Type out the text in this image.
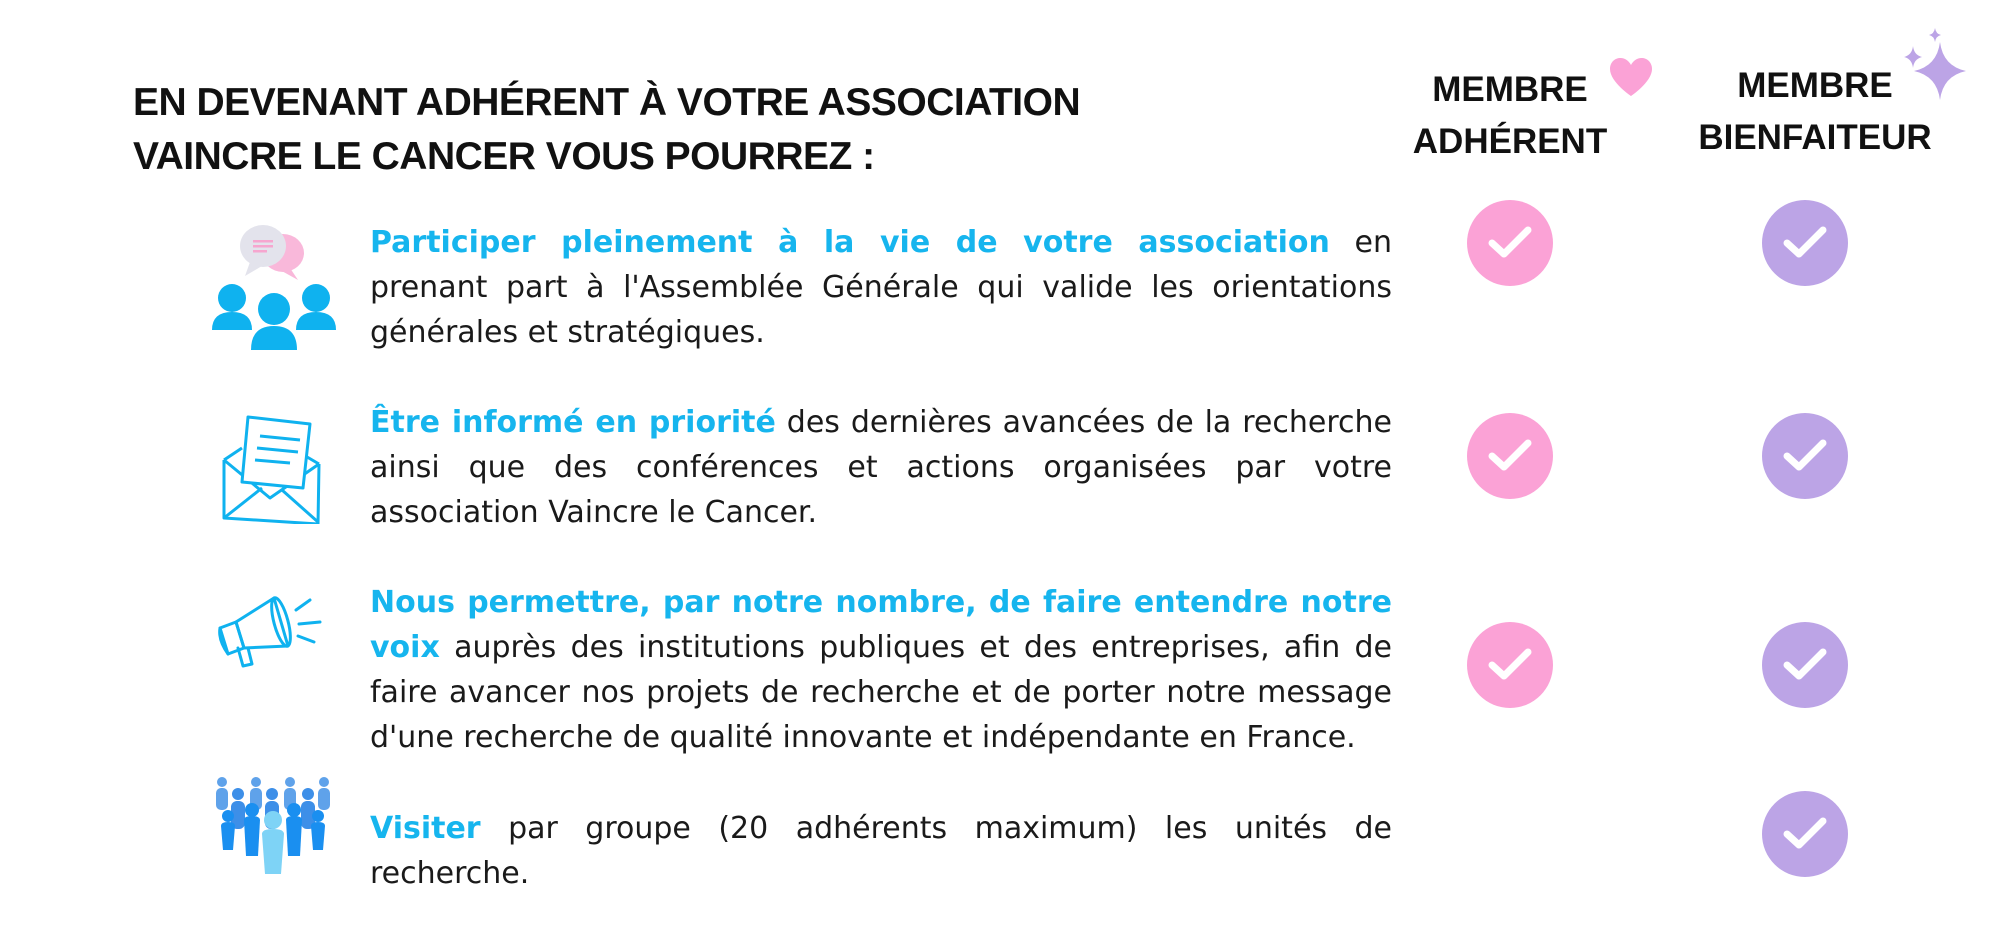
EN DEVENANT ADHÉRENT À VOTRE ASSOCIATION
VAINCRE LE CANCER VOUS POURREZ :
MEMBRE
ADHÉRENT
MEMBRE
BIENFAITEUR

Participer pleinement à la vie de votre association en prenant part à l'Assemblée Générale qui valide les orientations générales et stratégiques.

Être informé en priorité des dernières avancées de la recherche ainsi que des conférences et actions organisées par votre association Vaincre le Cancer.

Nous permettre, par notre nombre, de faire entendre notre voix auprès des institutions publiques et des entreprises, afin de faire avancer nos projets de recherche et de porter notre message d'une recherche de qualité innovante et indépendante en France.

Visiter par groupe (20 adhérents maximum) les unités de recherche.
